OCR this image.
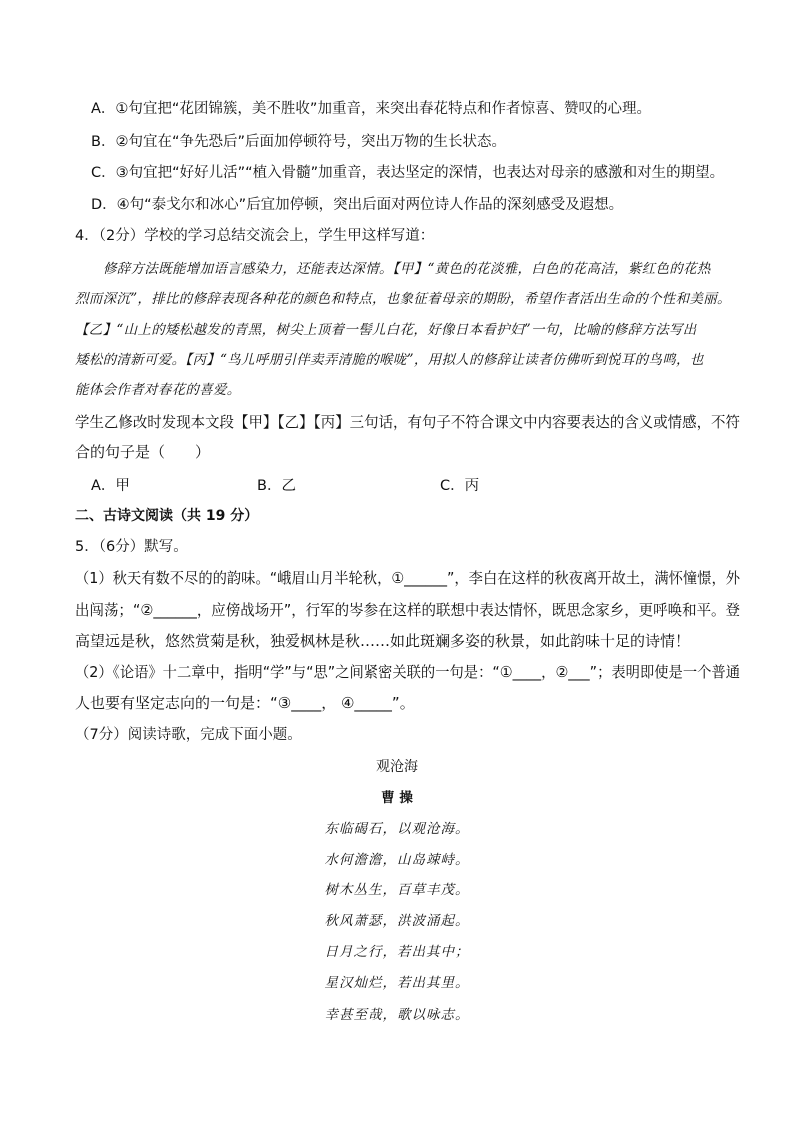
A．①句宜把“花团锦簇，美不胜收”加重音，来突出春花特点和作者惊喜、赞叹的心理。
B．②句宜在“争先恐后”后面加停顿符号，突出万物的生长状态。
C．③句宜把“好好儿活”“植入骨髓”加重音，表达坚定的深情，也表达对母亲的感激和对生的期望。
D．④句“泰戈尔和冰心”后宜加停顿，突出后面对两位诗人作品的深刻感受及遐想。
4．（2分）学校的学习总结交流会上，学生甲这样写道：
修辞方法既能增加语言感染力，还能表达深情。【甲】“黄色的花淡雅，白色的花高洁，紫红色的花热
烈而深沉”，排比的修辞表现各种花的颜色和特点，也象征着母亲的期盼，希望作者活出生命的个性和美丽。
【乙】“山上的矮松越发的青黑，树尖上顶着一髻儿白花，好像日本看护妇”一句，比喻的修辞方法写出
矮松的清新可爱。【丙】“鸟儿呼朋引伴卖弄清脆的喉咙”，用拟人的修辞让读者仿佛听到悦耳的鸟鸣，也
能体会作者对春花的喜爱。
学生乙修改时发现本文段【甲】【乙】【丙】三句话，有句子不符合课文中内容要表达的含义或情感，不符
合的句子是（　　）
A．甲	B．乙	C．丙
二、古诗文阅读（共 19 分）
5．（6分）默写。
（1）秋天有数不尽的的韵味。“峨眉山月半轮秋，①______”，李白在这样的秋夜离开故土，满怀憧憬，外
出闯荡；“②______，应傍战场开”，行军的岑参在这样的联想中表达情怀，既思念家乡，更呼唤和平。登
高望远是秋，悠然赏菊是秋，独爱枫林是秋……如此斑斓多姿的秋景，如此韵味十足的诗情！
（2）《论语》十二章中，指明“学”与“思”之间紧密关联的一句是：“①____，②___”；表明即使是一个普通
人也要有坚定志向的一句是：“③____， ④_____”。
（7分）阅读诗歌，完成下面小题。
观沧海
曹 操
东临碣石，以观沧海。
水何澹澹，山岛竦峙。
树木丛生，百草丰茂。
秋风萧瑟，洪波涌起。
日月之行，若出其中；
星汉灿烂，若出其里。
幸甚至哉，歌以咏志。
